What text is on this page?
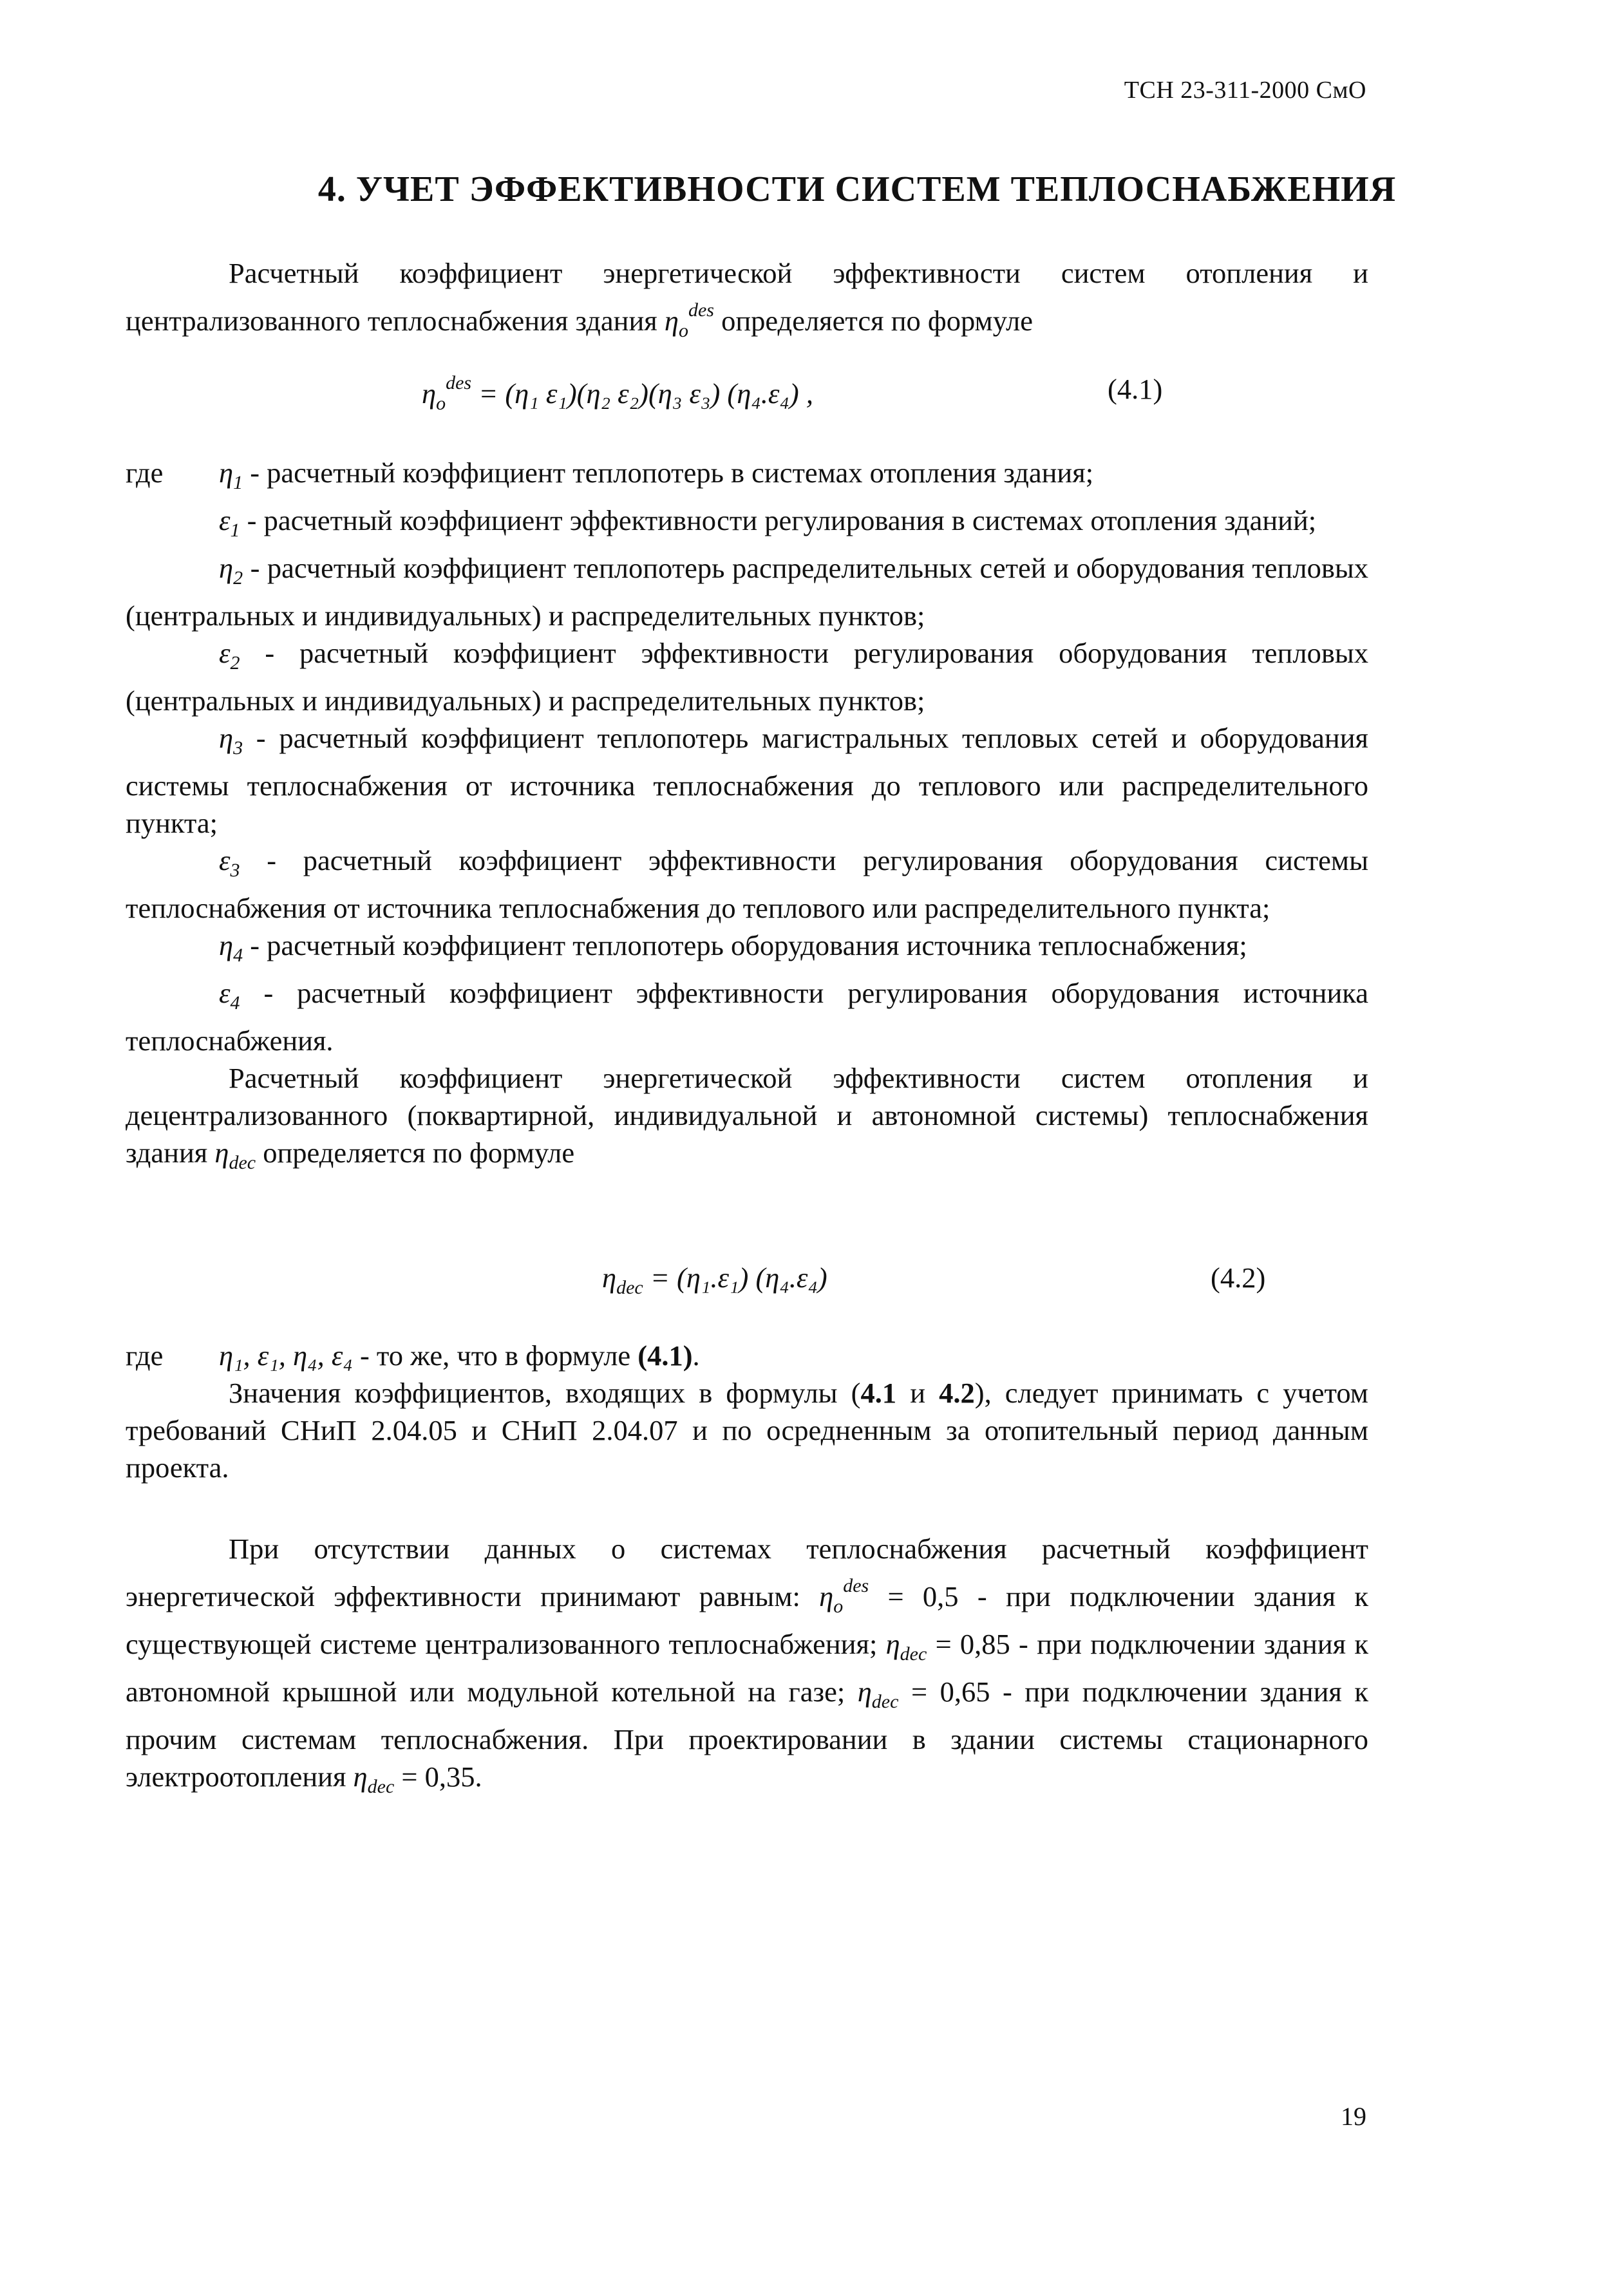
ТСН 23-311-2000 СмО
4. УЧЕТ ЭФФЕКТИВНОСТИ СИСТЕМ ТЕПЛОСНАБЖЕНИЯ

Расчетный коэффициент энергетической эффективности систем отопления и централизованного теплоснабжения здания $\eta_o^{des}$ определяется по формуле

$\eta_o^{des} = (\eta_1$ ε₁)(η₂ ε₂)(η₃ ε₃) (η₄.ε₄) ,	(4.1)

где $\eta_1$ - расчетный коэффициент теплопотерь в системах отопления здания;

$\varepsilon_1$ - расчетный коэффициент эффективности регулирования в системах отопления зданий;

$\eta_2$ - расчетный коэффициент теплопотерь распределительных сетей и оборудования тепловых (центральных и индивидуальных) и распределительных пунктов;

$\varepsilon_2$ - расчетный коэффициент эффективности регулирования оборудования тепловых (центральных и индивидуальных) и распределительных пунктов;

$\eta_3$ - расчетный коэффициент теплопотерь магистральных тепловых сетей и оборудования системы теплоснабжения от источника теплоснабжения до теплового или распределительного пункта;

$\varepsilon_3$ - расчетный коэффициент эффективности регулирования оборудования системы теплоснабжения от источника теплоснабжения до теплового или распределительного пункта;

$\eta_4$ - расчетный коэффициент теплопотерь оборудования источника теплоснабжения;

$\varepsilon_4$ - расчетный коэффициент эффективности регулирования оборудования источника теплоснабжения.

Расчетный коэффициент энергетической эффективности систем отопления и децентрализованного (поквартирной, индивидуальной и автономной системы) теплоснабжения здания $\eta_{dec}$ определяется по формуле

$\eta_{dec} = (\eta_1.\varepsilon_1)$ (η₄.ε₄)	(4.2)

где η₁, ε₁, η₄, ε₄ - то же, что в формуле (4.1).

Значения коэффициентов, входящих в формулы (4.1 и 4.2), следует принимать с учетом требований СНиП 2.04.05 и СНиП 2.04.07 и по осредненным за отопительный период данным проекта.

При отсутствии данных о системах теплоснабжения расчетный коэффициент энергетической эффективности принимают равным: $\eta_o^{des} = 0,5$ - при подключении здания к существующей системе централизованного теплоснабжения; $\eta_{dec} = 0,85$ - при подключении здания к автономной крышной или модульной котельной на газе; $\eta_{dec} = 0,65$ - при подключении здания к прочим системам теплоснабжения. При проектировании в здании системы стационарного электроотопления $\eta_{dec} = 0,35$.

19
